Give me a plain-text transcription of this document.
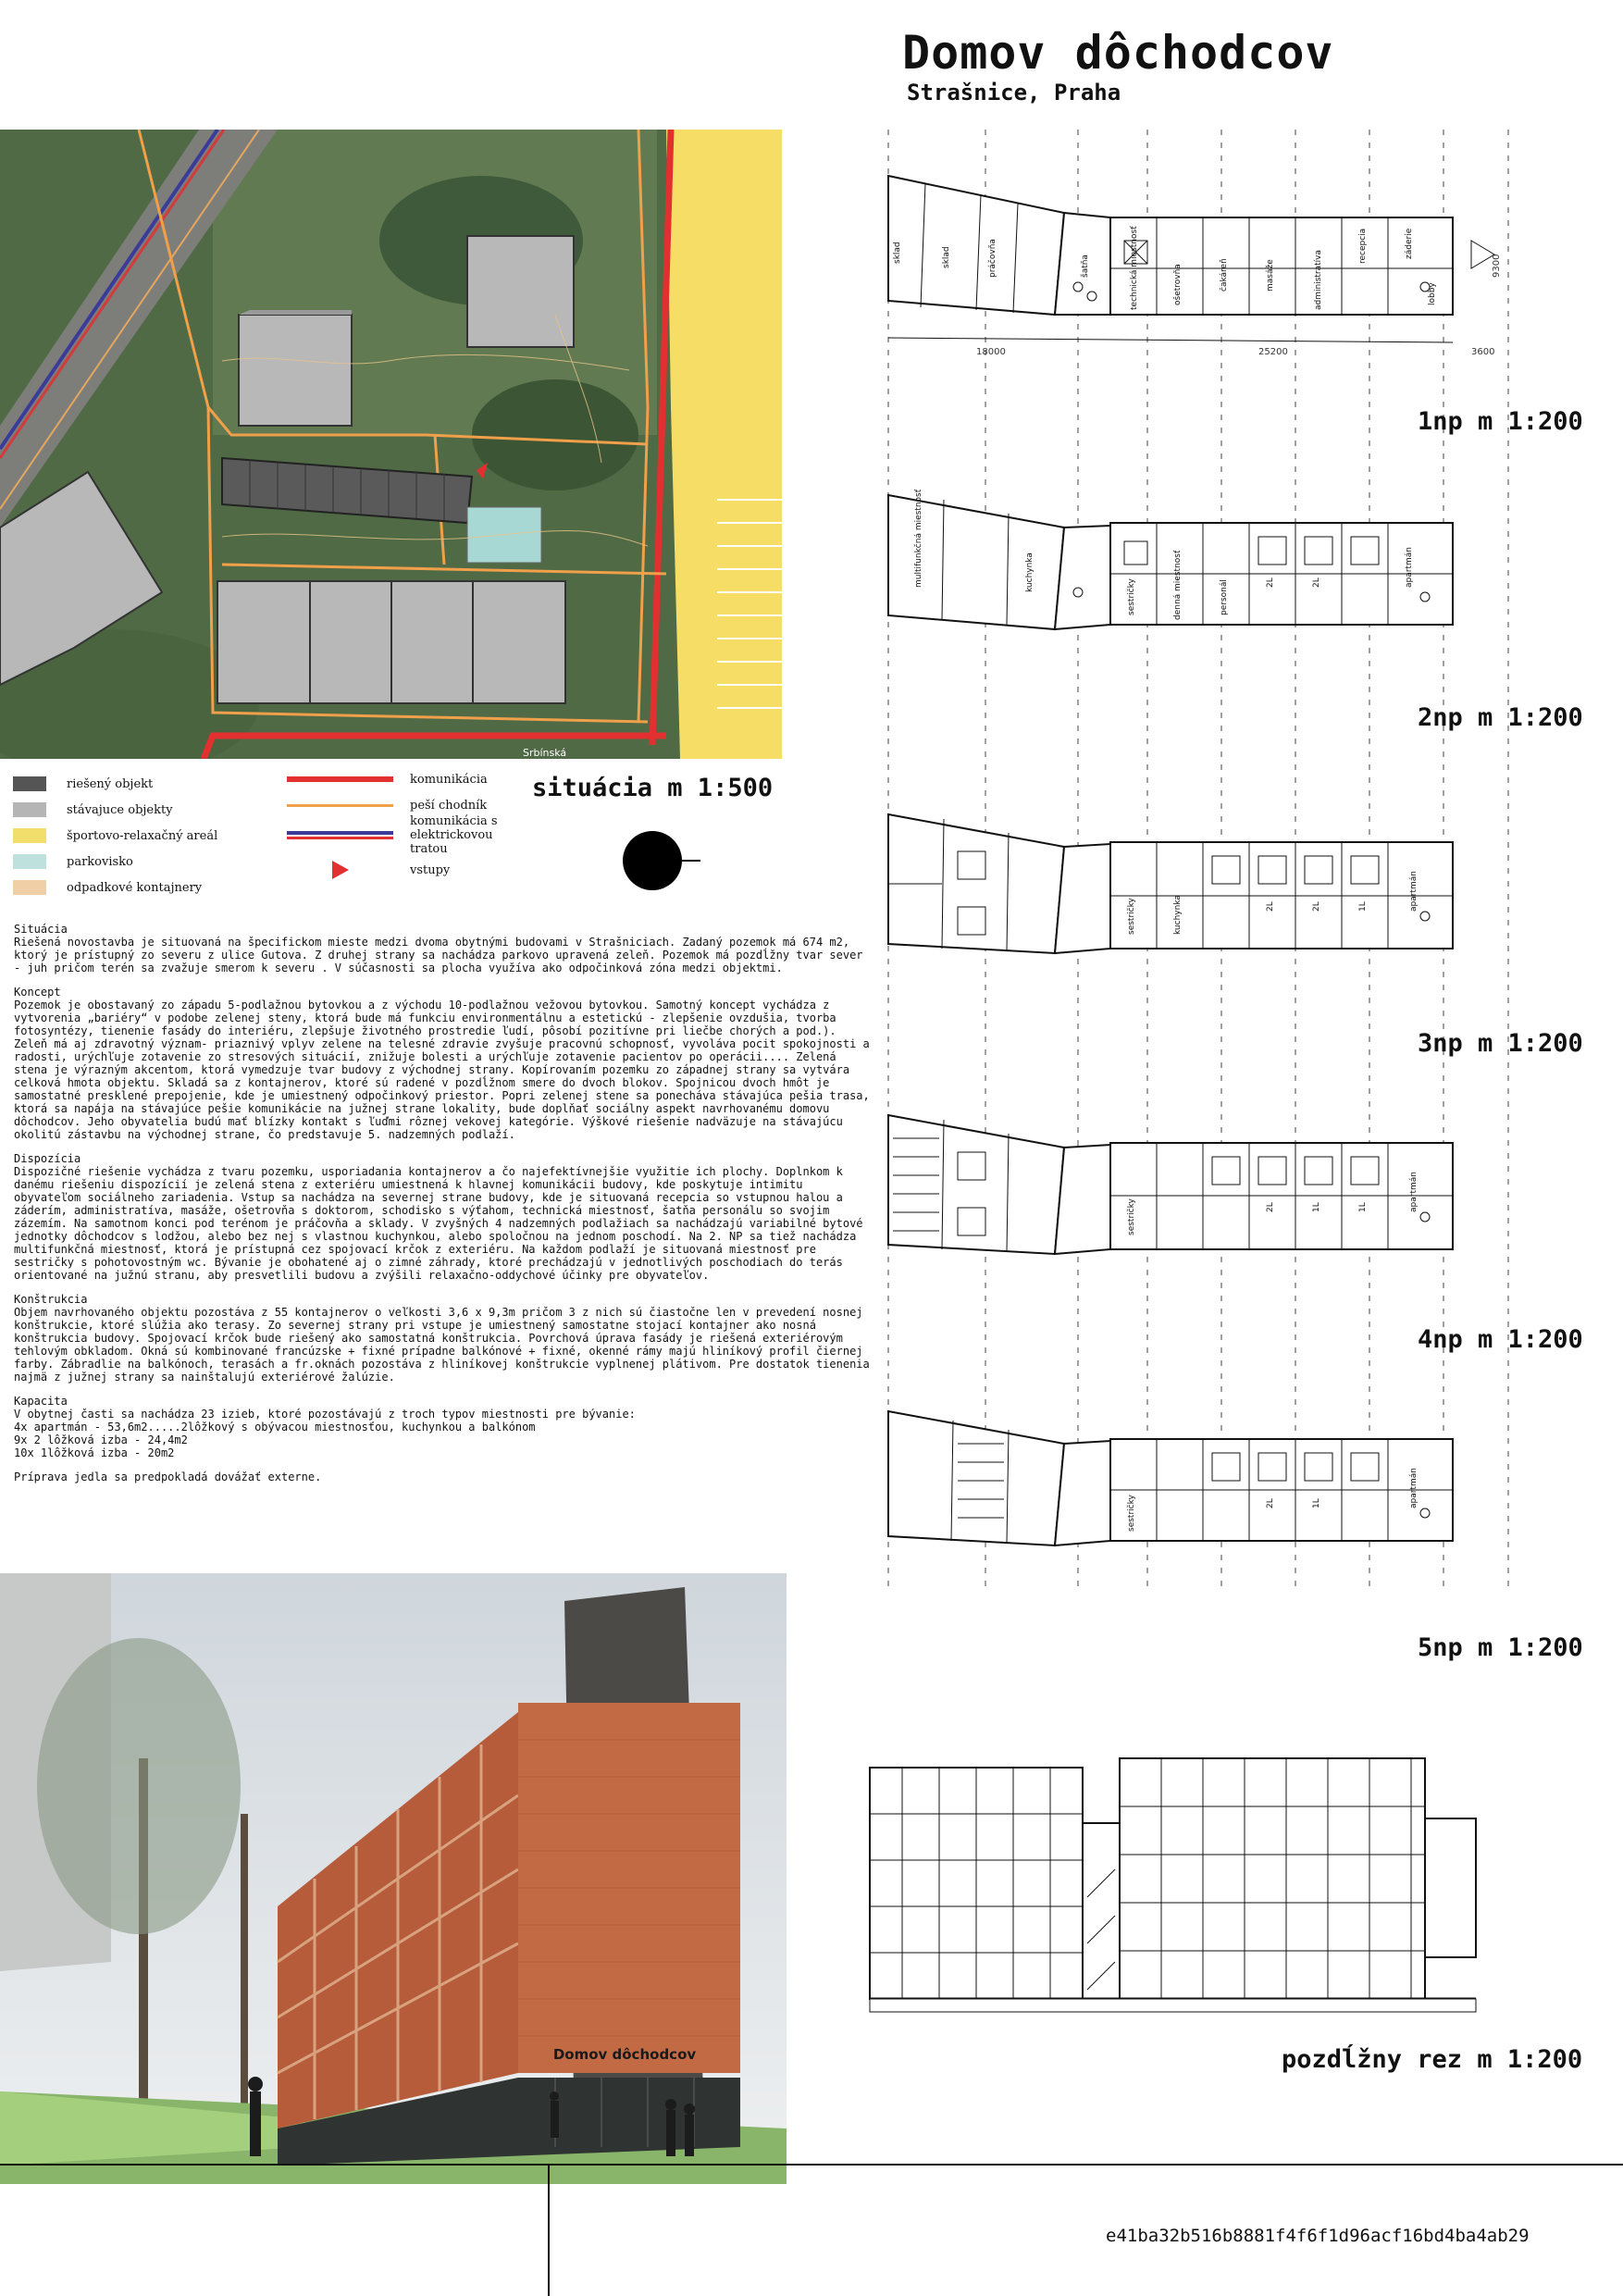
Domov dôchodcov
Strašnice, Praha
Srbínská
riešený objekt
stávajuce objekty
športovo-relaxačný areál
parkovisko
odpadkové kontajnery
komunikácia
peší chodník
komunikácia s elektrickovou tratou
vstupy
situácia m 1:500

Situácia

Riešená novostavba je situovaná na špecifickom mieste medzi dvoma obytnými budovami v Strašniciach. Zadaný pozemok má 674 m2, ktorý je prístupný zo severu z ulice Gutova. Z druhej strany sa nachádza parkovo upravená zeleň. Pozemok má pozdĺžny tvar sever - juh pričom terén sa zvažuje smerom k severu . V súčasnosti sa plocha využíva ako odpočinková zóna medzi objektmi.

Koncept

Pozemok je obostavaný zo západu 5-podlažnou bytovkou a z východu 10-podlažnou vežovou bytovkou. Samotný koncept vychádza z vytvorenia „bariéry“ v podobe zelenej steny, ktorá bude má funkciu environmentálnu a estetickú - zlepšenie ovzdušia, tvorba fotosyntézy, tienenie fasády do interiéru, zlepšuje životného prostredie ľudí, pôsobí pozitívne pri liečbe chorých a pod.). Zeleň má aj zdravotný význam- priaznivý vplyv zelene na telesné zdravie zvyšuje pracovnú schopnosť, vyvoláva pocit spokojnosti a radosti, urýchľuje zotavenie zo stresových situácií, znižuje bolesti a urýchľuje zotavenie pacientov po operácii.... Zelená stena je výrazným akcentom, ktorá vymedzuje tvar budovy z východnej strany. Kopírovaním pozemku zo západnej strany sa vytvára celková hmota objektu. Skladá sa z kontajnerov, ktoré sú radené v pozdĺžnom smere do dvoch blokov. Spojnicou dvoch hmôt je samostatné presklené prepojenie, kde je umiestnený odpočinkový priestor. Popri zelenej stene sa ponecháva stávajúca pešia trasa, ktorá sa napája na stávajúce pešie komunikácie na južnej strane lokality, bude doplňať sociálny aspekt navrhovanému domovu dôchodcov. Jeho obyvatelia budú mať blízky kontakt s ľuďmi rôznej vekovej kategórie. Výškové riešenie nadväzuje na stávajúcu okolitú zástavbu na východnej strane, čo predstavuje 5. nadzemných podlaží.

Dispozícia

Dispozičné riešenie vychádza z tvaru pozemku, usporiadania kontajnerov a čo najefektívnejšie využitie ich plochy. Doplnkom k danému riešeniu dispozícií je zelená stena z exteriéru umiestnená k hlavnej komunikácii budovy, kde poskytuje intimitu obyvateľom sociálneho zariadenia. Vstup sa nachádza na severnej strane budovy, kde je situovaná recepcia so vstupnou halou a záderím, administratíva, masáže, ošetrovňa s doktorom, schodisko s výťahom, technická miestnosť, šatňa personálu so svojim zázemím. Na samotnom konci pod terénom je práčovňa a sklady. V zvyšných 4 nadzemných podlažiach sa nachádzajú variabilné bytové jednotky dôchodcov s lodžou, alebo bez nej s vlastnou kuchynkou, alebo spoločnou na jednom poschodí. Na 2. NP sa tiež nachádza multifunkčná miestnosť, ktorá je prístupná cez spojovací krčok z exteriéru. Na každom podlaží je situovaná miestnosť pre sestričky s pohotovostným wc. Bývanie je obohatené aj o zimné záhrady, ktoré prechádzajú v jednotlivých poschodiach do terás orientované na južnú stranu, aby presvetlili budovu a zvýšili relaxačno-oddychové účinky pre obyvateľov.

Konštrukcia

Objem navrhovaného objektu pozostáva z 55 kontajnerov o veľkosti 3,6 x 9,3m pričom 3 z nich sú čiastočne len v prevedení nosnej konštrukcie, ktoré slúžia ako terasy. Zo severnej strany pri vstupe je umiestnený samostatne stojací kontajner ako nosná konštrukcia budovy. Spojovací krčok bude riešený ako samostatná konštrukcia. Povrchová úprava fasády je riešená exteriérovým tehlovým obkladom. Okná sú kombinované francúzske + fixné prípadne balkónové + fixné, okenné rámy majú hliníkový profil čiernej farby. Zábradlie na balkónoch, terasách a fr.oknách pozostáva z hliníkovej konštrukcie vyplnenej plátivom. Pre dostatok tienenia najmä z južnej strany sa nainštalujú exteriérové žalúzie.

Kapacita

V obytnej časti sa nachádza 23 izieb, ktoré pozostávajú z troch typov miestnosti pre bývanie:

4x apartmán - 53,6m2.....2lôžkový s obývacou miestnosťou, kuchynkou a balkónom

9x 2 lôžková izba - 24,4m2

10x 1lôžková izba - 20m2

Príprava jedla sa predpokladá dovážať externe.

Domov dôchodcov
18000	25200	3600
9300
sklad	sklad	práčovňa	šatňa	technická miestnosť	ošetrovňa	čakáreň	masáže	administratíva
recepcia	záderie
lobby
multifunkčná miestnosť	kuchynka
sestričky	denná miestnosť	personál	2L	2L	apartmán
sestričky	kuchynka	2L	2L	1L	apartmán
sestričky	2L	1L	1L	apartmán
sestričky	2L	1L	apartmán
1np m 1:200
2np m 1:200
3np m 1:200
4np m 1:200
5np m 1:200
pozdĺžny rez m 1:200
e41ba32b516b8881f4f6f1d96acf16bd4ba4ab29
